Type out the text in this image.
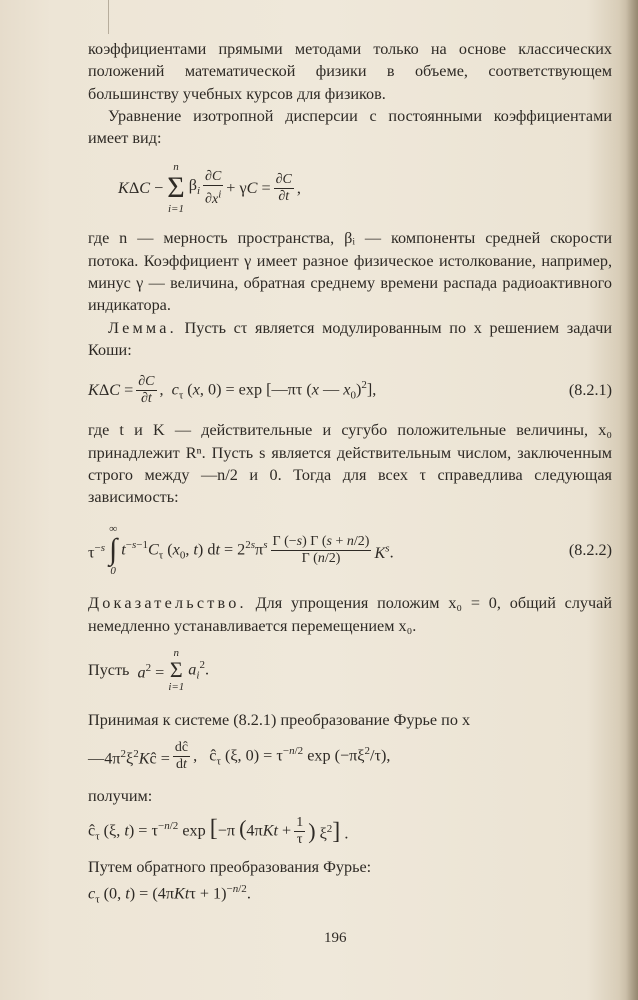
коэффициентами прямыми методами только на основе классических положений математической физики в объеме, соответствующем большинству учебных курсов для физиков.

Уравнение изотропной дисперсии с постоянными коэффициентами имеет вид:

KΔC −
n
Σ
i=1
$\beta_i \frac{\partial C}{\partial x^i} + \gamma C = \frac{\partial C}{\partial t}$ ,

где n — мерность пространства, βᵢ — компоненты средней скорости потока. Коэффициент γ имеет разное физическое истолкование, например, минус γ — величина, обратная среднему времени распада радиоактивного индикатора.

Лемма. Пусть cτ является модулированным по x решением задачи Коши:

$K\Delta C = \frac{\partial C}{\partial t}$ ,  $c_\tau$ (x, 0) = exp [—πτ (x — $x_0)^2$],	(8.2.1)

где t и K — действительные и сугубо положительные величины, x₀ принадлежит Rⁿ. Пусть s является действительным числом, заключенным строго между —n/2 и 0. Тогда для всех τ справедлива следующая зависимость:

$\tau^{-s}$
∞
∫
0
$t^{-s-1}C_\tau$ ($x_0$, t) dt = $2^{2s}\pi^s \frac{\Gamma (-s) \Gamma (s + n/2)}{\Gamma (n/2)} K^s$.	(8.2.2)

Доказательство. Для упрощения положим x₀ = 0, общий случай немедленно устанавливается перемещением x₀.

Пусть $a^2$ =
n
Σ
i=1
$a_i^2$.

Принимая к системе (8.2.1) преобразование Фурье по x

$—4\pi^2\xi^2Kĉ = \frac{dĉ}{dt}$ ,   $ĉ_\tau$ (ξ, $0) = \tau^{-n/2}$ $\exp (-\pi\xi^2/\tau)$,

получим:

$ĉ_\tau$ (ξ, $t) = \tau^{-n/2}$ exp [−π ($4\pi Kt + \frac{1}{\tau}$ ) $\xi^2$] .

Путем обратного преобразования Фурье:

$c_\tau$ (0, $t) = (4\pi Kt\tau + 1)^{-n/2}$.
196
